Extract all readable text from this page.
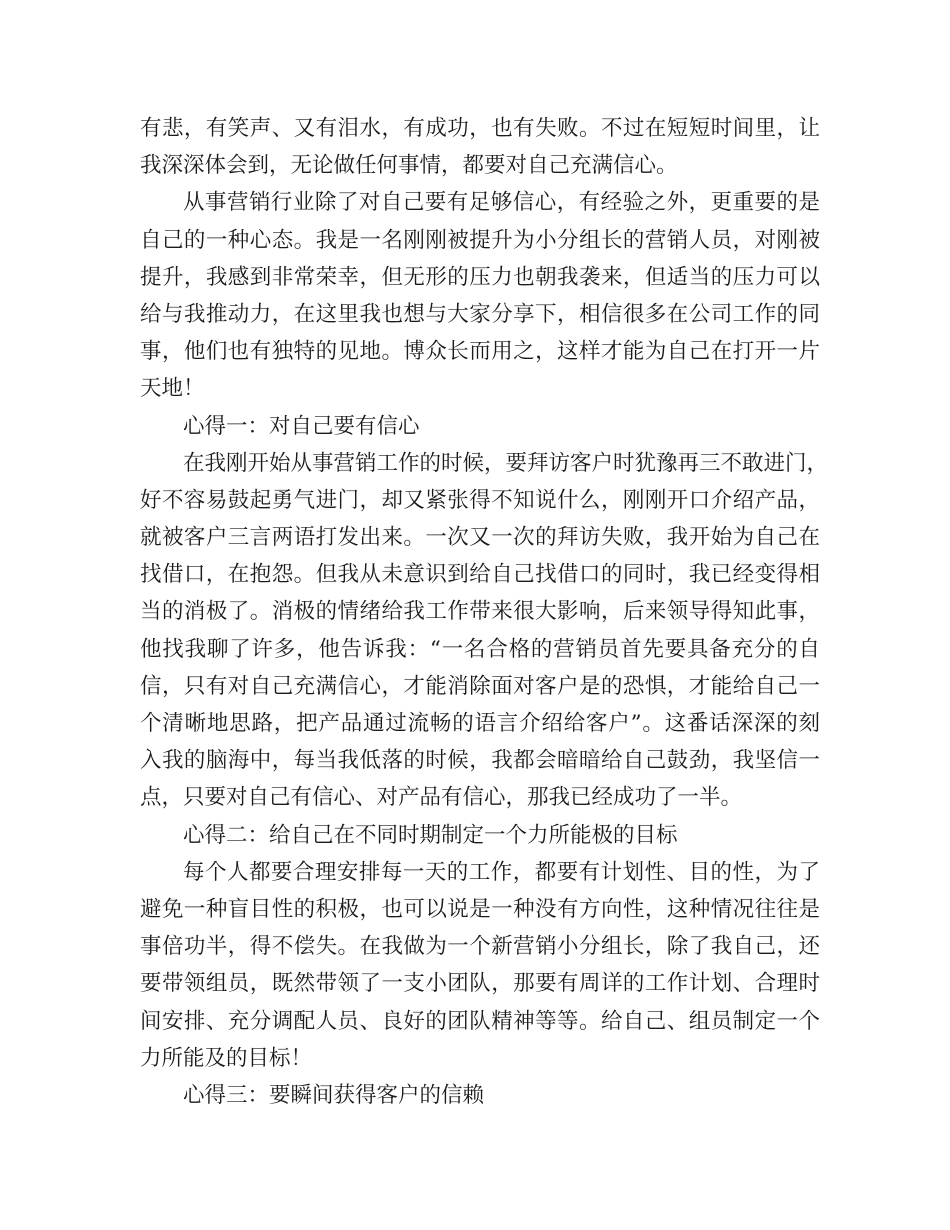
有悲，有笑声、又有泪水，有成功，也有失败。不过在短短时间里，让
我深深体会到，无论做任何事情，都要对自己充满信心。
从事营销行业除了对自己要有足够信心，有经验之外，更重要的是
自己的一种心态。我是一名刚刚被提升为小分组长的营销人员，对刚被
提升，我感到非常荣幸，但无形的压力也朝我袭来，但适当的压力可以
给与我推动力，在这里我也想与大家分享下，相信很多在公司工作的同
事，他们也有独特的见地。博众长而用之，这样才能为自己在打开一片
天地！
心得一：对自己要有信心
在我刚开始从事营销工作的时候，要拜访客户时犹豫再三不敢进门，
好不容易鼓起勇气进门，却又紧张得不知说什么，刚刚开口介绍产品，
就被客户三言两语打发出来。一次又一次的拜访失败，我开始为自己在
找借口，在抱怨。但我从未意识到给自己找借口的同时，我已经变得相
当的消极了。消极的情绪给我工作带来很大影响，后来领导得知此事，
他找我聊了许多，他告诉我：“一名合格的营销员首先要具备充分的自
信，只有对自己充满信心，才能消除面对客户是的恐惧，才能给自己一
个清晰地思路，把产品通过流畅的语言介绍给客户”。这番话深深的刻
入我的脑海中，每当我低落的时候，我都会暗暗给自己鼓劲，我坚信一
点，只要对自己有信心、对产品有信心，那我已经成功了一半。
心得二：给自己在不同时期制定一个力所能极的目标
每个人都要合理安排每一天的工作，都要有计划性、目的性，为了
避免一种盲目性的积极，也可以说是一种没有方向性，这种情况往往是
事倍功半，得不偿失。在我做为一个新营销小分组长，除了我自己，还
要带领组员，既然带领了一支小团队，那要有周详的工作计划、合理时
间安排、充分调配人员、良好的团队精神等等。给自己、组员制定一个
力所能及的目标！
心得三：要瞬间获得客户的信赖
